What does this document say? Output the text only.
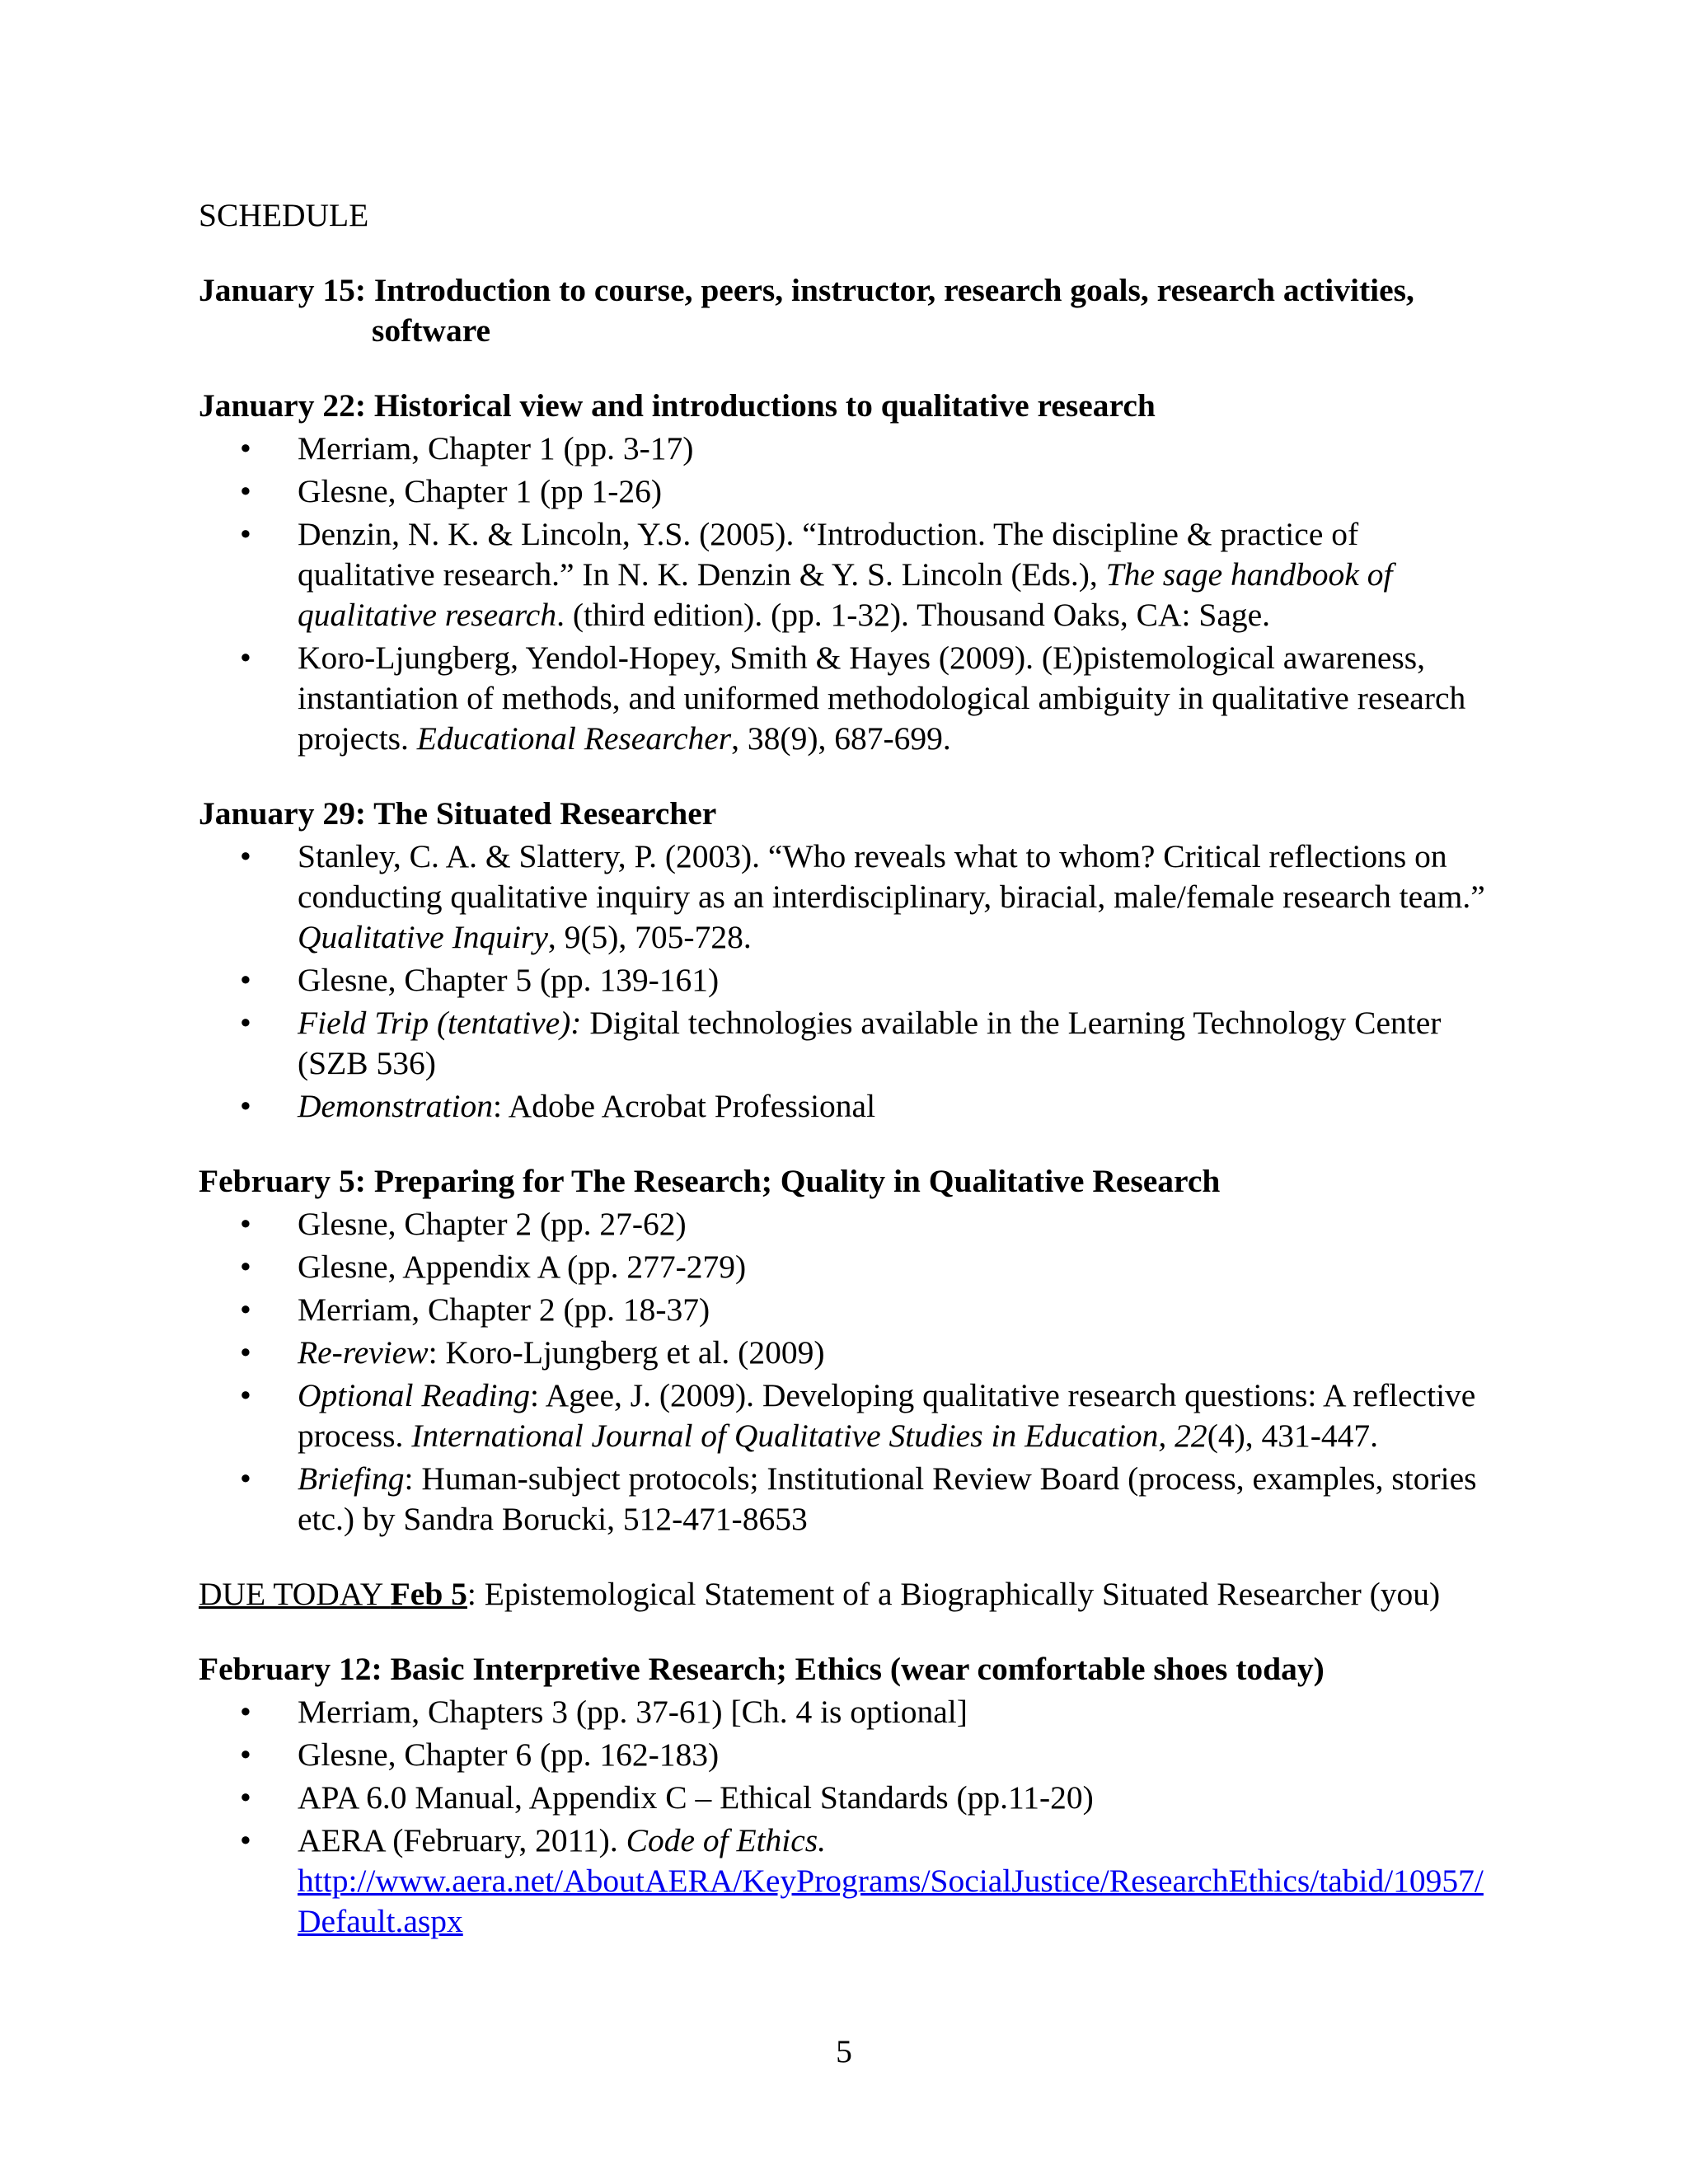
SCHEDULE
January 15: Introduction to course, peers, instructor, research goals, research activities,
software
January 22: Historical view and introductions to qualitative research
• Merriam, Chapter 1 (pp. 3-17)
• Glesne, Chapter 1 (pp 1-26)
• Denzin, N. K. & Lincoln, Y.S. (2005). “Introduction. The discipline & practice of qualitative research.” In N. K. Denzin & Y. S. Lincoln (Eds.), The sage handbook of qualitative research. (third edition). (pp. 1-32). Thousand Oaks, CA: Sage.
• Koro-Ljungberg, Yendol-Hopey, Smith & Hayes (2009). (E)pistemological awareness, instantiation of methods, and uniformed methodological ambiguity in qualitative research projects. Educational Researcher, 38(9), 687-699.
January 29: The Situated Researcher
• Stanley, C. A. & Slattery, P. (2003). “Who reveals what to whom? Critical reflections on conducting qualitative inquiry as an interdisciplinary, biracial, male/female research team.” Qualitative Inquiry, 9(5), 705-728.
• Glesne, Chapter 5 (pp. 139-161)
• Field Trip (tentative): Digital technologies available in the Learning Technology Center (SZB 536)
• Demonstration: Adobe Acrobat Professional
February 5: Preparing for The Research; Quality in Qualitative Research
• Glesne, Chapter 2 (pp. 27-62)
• Glesne, Appendix A (pp. 277-279)
• Merriam, Chapter 2 (pp. 18-37)
• Re-review: Koro-Ljungberg et al. (2009)
• Optional Reading: Agee, J. (2009). Developing qualitative research questions: A reflective process. International Journal of Qualitative Studies in Education, 22(4), 431-447.
• Briefing: Human-subject protocols; Institutional Review Board (process, examples, stories etc.) by Sandra Borucki, 512-471-8653
DUE TODAY Feb 5: Epistemological Statement of a Biographically Situated Researcher (you)
February 12: Basic Interpretive Research; Ethics (wear comfortable shoes today)
• Merriam, Chapters 3 (pp. 37-61) [Ch. 4 is optional]
• Glesne, Chapter 6 (pp. 162-183)
• APA 6.0 Manual, Appendix C – Ethical Standards (pp.11-20)
• AERA (February, 2011). Code of Ethics.
http://www.aera.net/AboutAERA/KeyPrograms/SocialJustice/ResearchEthics/tabid/10957/Default.aspx
5
